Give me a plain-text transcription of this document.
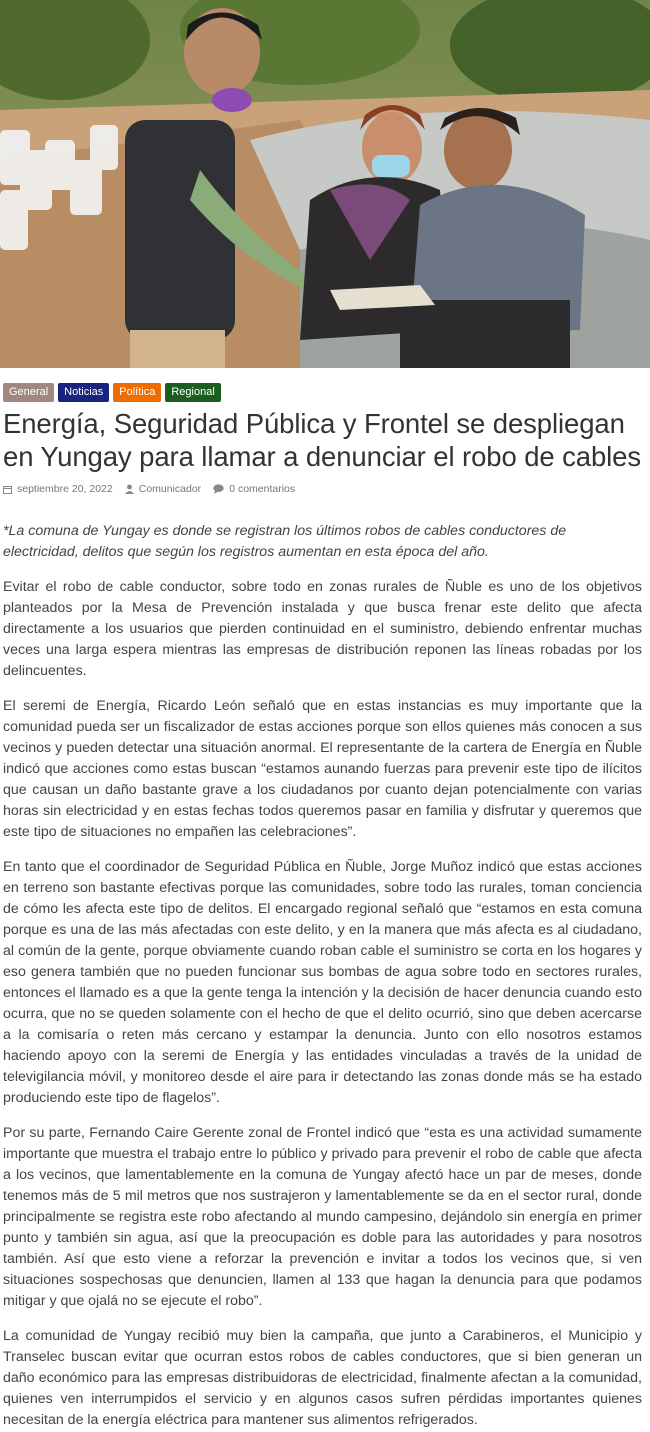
General	Noticias	Política	Regional
Energía, Seguridad Pública y Frontel se despliegan en Yungay para llamar a denunciar el robo de cables
septiembre 20, 2022 Comunicador	0 comentarios

*La comuna de Yungay es donde se registran los últimos robos de cables conductores de electricidad, delitos que según los registros aumentan en esta época del año.

Evitar el robo de cable conductor, sobre todo en zonas rurales de Ñuble es uno de los objetivos planteados por la Mesa de Prevención instalada y que busca frenar este delito que afecta directamente a los usuarios que pierden continuidad en el suministro, debiendo enfrentar muchas veces una larga espera mientras las empresas de distribución reponen las líneas robadas por los delincuentes.

El seremi de Energía, Ricardo León señaló que en estas instancias es muy importante que la comunidad pueda ser un fiscalizador de estas acciones porque son ellos quienes más conocen a sus vecinos y pueden detectar una situación anormal. El representante de la cartera de Energía en Ñuble indicó que acciones como estas buscan “estamos aunando fuerzas para prevenir este tipo de ilícitos que causan un daño bastante grave a los ciudadanos por cuanto dejan potencialmente con varias horas sin electricidad y en estas fechas todos queremos pasar en familia y disfrutar y queremos que este tipo de situaciones no empañen las celebraciones”.

En tanto que el coordinador de Seguridad Pública en Ñuble, Jorge Muñoz indicó que estas acciones en terreno son bastante efectivas porque las comunidades, sobre todo las rurales, toman conciencia de cómo les afecta este tipo de delitos. El encargado regional señaló que “estamos en esta comuna porque es una de las más afectadas con este delito, y en la manera que más afecta es al ciudadano, al común de la gente, porque obviamente cuando roban cable el suministro se corta en los hogares y eso genera también que no pueden funcionar sus bombas de agua sobre todo en sectores rurales, entonces el llamado es a que la gente tenga la intención y la decisión de hacer denuncia cuando esto ocurra, que no se queden solamente con el hecho de que el delito ocurrió, sino que deben acercarse a la comisaría o reten más cercano y estampar la denuncia. Junto con ello nosotros estamos haciendo apoyo con la seremi de Energía y las entidades vinculadas a través de la unidad de televigilancia móvil, y monitoreo desde el aire para ir detectando las zonas donde más se ha estado produciendo este tipo de flagelos”.

Por su parte, Fernando Caire Gerente zonal de Frontel indicó que “esta es una actividad sumamente importante que muestra el trabajo entre lo público y privado para prevenir el robo de cable que afecta a los vecinos, que lamentablemente en la comuna de Yungay afectó hace un par de meses, donde tenemos más de 5 mil metros que nos sustrajeron y lamentablemente se da en el sector rural, donde principalmente se registra este robo afectando al mundo campesino, dejándolo sin energía en primer punto y también sin agua, así que la preocupación es doble para las autoridades y para nosotros también. Así que esto viene a reforzar la prevención e invitar a todos los vecinos que, si ven situaciones sospechosas que denuncien, llamen al 133 que hagan la denuncia para que podamos mitigar y que ojalá no se ejecute el robo”.

La comunidad de Yungay recibió muy bien la campaña, que junto a Carabineros, el Municipio y Transelec buscan evitar que ocurran estos robos de cables conductores, que si bien generan un daño económico para las empresas distribuidoras de electricidad, finalmente afectan a la comunidad, quienes ven interrumpidos el servicio y en algunos casos sufren pérdidas importantes quienes necesitan de la energía eléctrica para mantener sus alimentos refrigerados.
